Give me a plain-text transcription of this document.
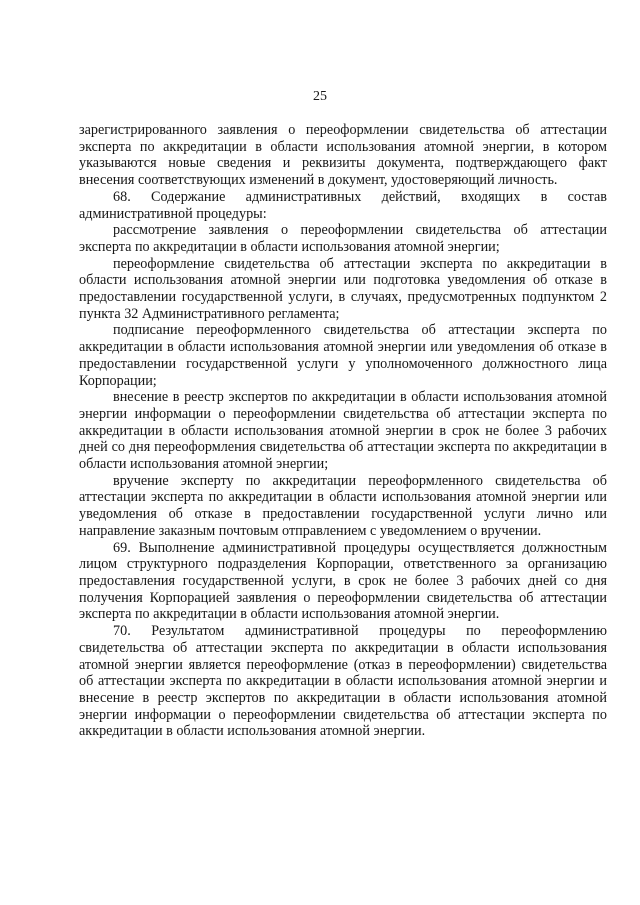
25

зарегистрированного заявления о переоформлении свидетельства об аттестации эксперта по аккредитации в области использования атомной энергии, в котором указываются новые сведения и реквизиты документа, подтверждающего факт внесения соответствующих изменений в документ, удостоверяющий личность.

68. Содержание административных действий, входящих в состав административной процедуры:

рассмотрение заявления о переоформлении свидетельства об аттестации эксперта по аккредитации в области использования атомной энергии;

переоформление свидетельства об аттестации эксперта по аккредитации в области использования атомной энергии или подготовка уведомления об отказе в предоставлении государственной услуги, в случаях, предусмотренных подпунктом 2 пункта 32 Административного регламента;

подписание переоформленного свидетельства об аттестации эксперта по аккредитации в области использования атомной энергии или уведомления об отказе в предоставлении государственной услуги у уполномоченного должностного лица Корпорации;

внесение в реестр экспертов по аккредитации в области использования атомной энергии информации о переоформлении свидетельства об аттестации эксперта по аккредитации в области использования атомной энергии в срок не более 3 рабочих дней со дня переоформления свидетельства об аттестации эксперта по аккредитации в области использования атомной энергии;

вручение эксперту по аккредитации переоформленного свидетельства об аттестации эксперта по аккредитации в области использования атомной энергии или уведомления об отказе в предоставлении государственной услуги лично или направление заказным почтовым отправлением с уведомлением о вручении.

69. Выполнение административной процедуры осуществляется должностным лицом структурного подразделения Корпорации, ответственного за организацию предоставления государственной услуги, в срок не более 3 рабочих дней со дня получения Корпорацией заявления о переоформлении свидетельства об аттестации эксперта по аккредитации в области использования атомной энергии.

70. Результатом административной процедуры по переоформлению свидетельства об аттестации эксперта по аккредитации в области использования атомной энергии является переоформление (отказ в переоформлении) свидетельства об аттестации эксперта по аккредитации в области использования атомной энергии и внесение в реестр экспертов по аккредитации в области использования атомной энергии информации о переоформлении свидетельства об аттестации эксперта по аккредитации в области использования атомной энергии.
